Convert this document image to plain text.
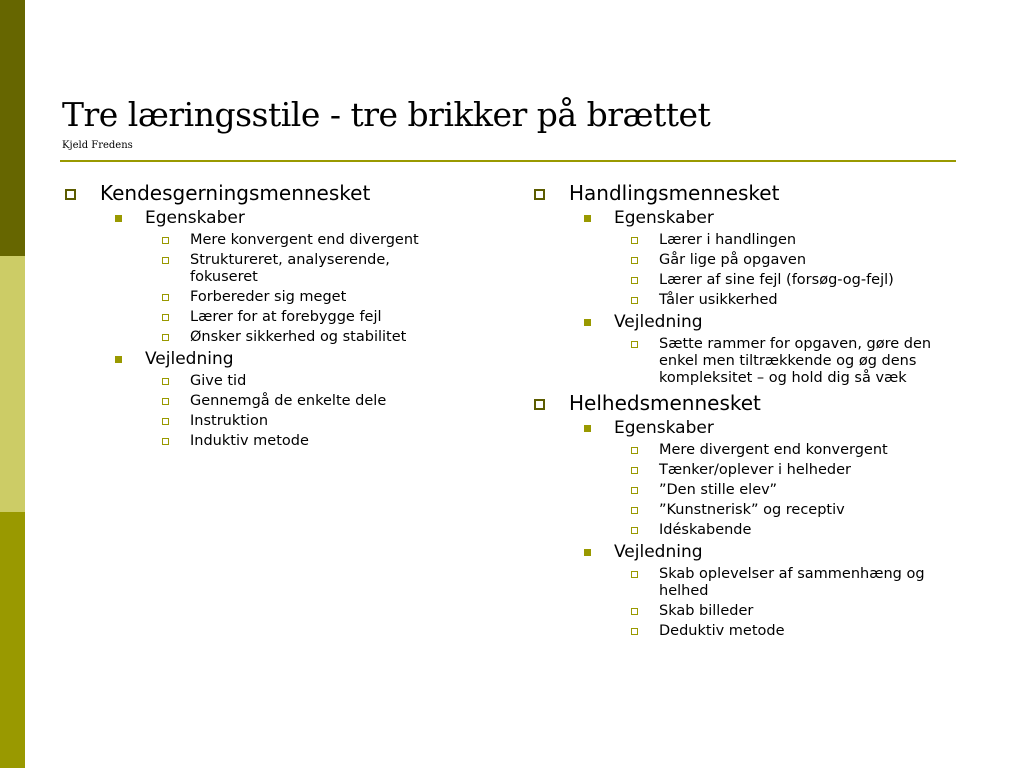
Tre læringsstile - tre brikker på brættet
Kjeld Fredens
Kendesgerningsmennesket
Egenskaber
Mere konvergent end divergent
Struktureret, analyserende, fokuseret
Forbereder sig meget
Lærer for at forebygge fejl
Ønsker sikkerhed og stabilitet
Vejledning
Give tid
Gennemgå de enkelte dele
Instruktion
Induktiv metode
Handlingsmennesket
Egenskaber
Lærer i handlingen
Går lige på opgaven
Lærer af sine fejl (forsøg-og-fejl)
Tåler usikkerhed
Vejledning
Sætte rammer for opgaven, gøre den enkel men tiltrækkende og øg dens kompleksitet – og hold dig så væk
Helhedsmennesket
Egenskaber
Mere divergent end konvergent
Tænker/oplever i helheder
”Den stille elev”
”Kunstnerisk” og receptiv
Idéskabende
Vejledning
Skab oplevelser af sammenhæng og helhed
Skab billeder
Deduktiv metode
